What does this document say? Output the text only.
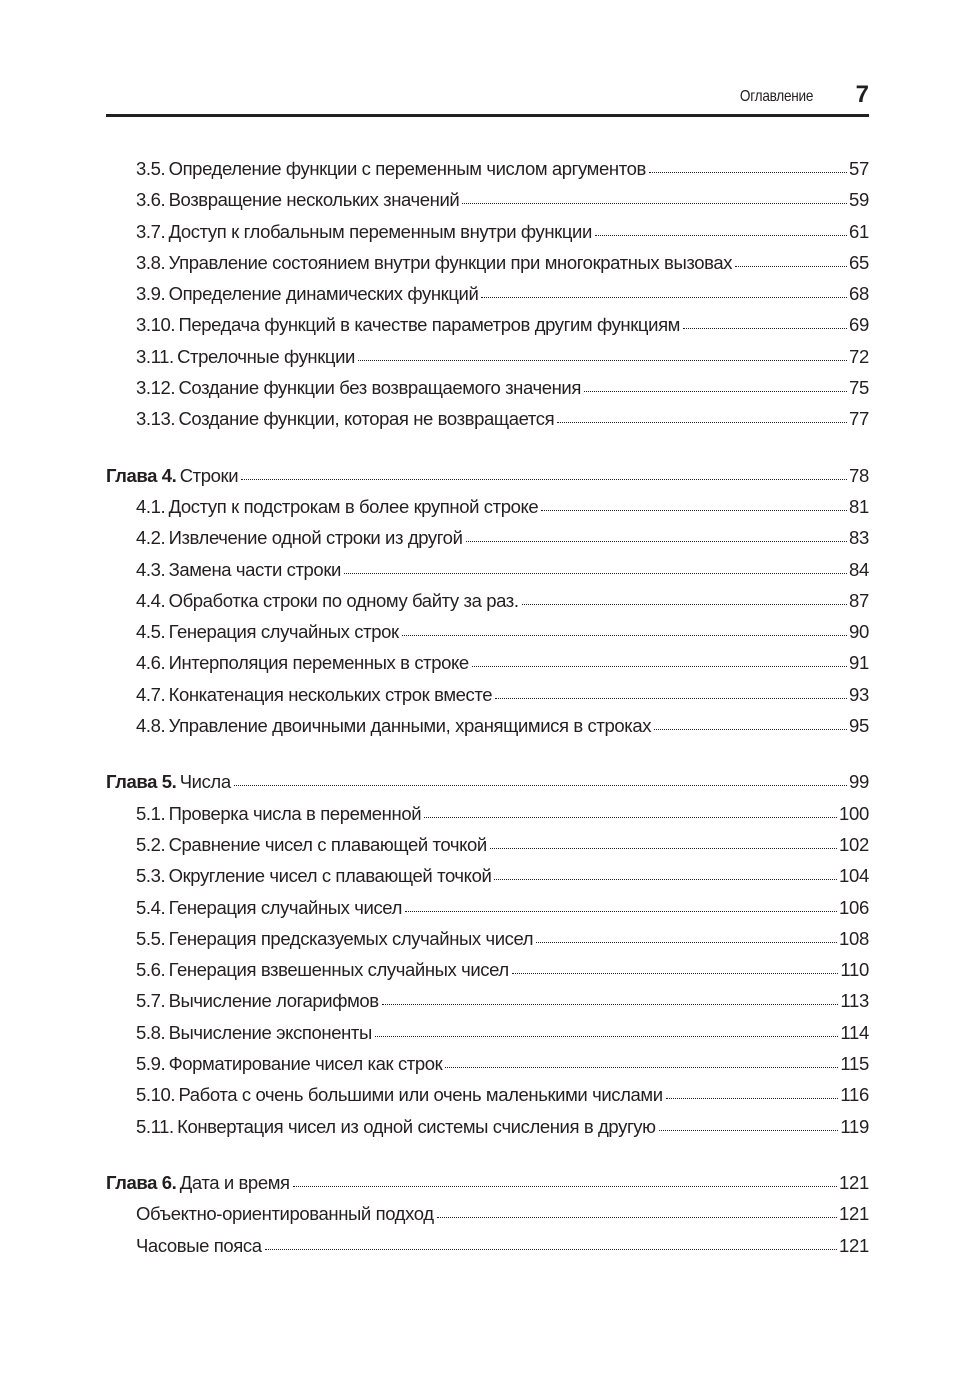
Оглавление 7
3.5.  Определение функции с переменным числом аргументов	57
3.6.  Возвращение нескольких значений	59
3.7.  Доступ к глобальным переменным внутри функции	61
3.8.  Управление состоянием внутри функции при многократных вызовах	65
3.9.  Определение динамических функций	68
3.10.  Передача функций в качестве параметров другим функциям	69
3.11.  Стрелочные функции	72
3.12.  Создание функции без возвращаемого значения	75
3.13.  Создание функции, которая не возвращается	77
Глава 4.  Строки	78
4.1.  Доступ к подстрокам в более крупной строке	81
4.2.  Извлечение одной строки из другой	83
4.3.  Замена части строки	84
4.4.  Обработка строки по одному байту за раз.	87
4.5.  Генерация случайных строк	90
4.6.  Интерполяция переменных в строке	91
4.7.  Конкатенация нескольких строк вместе	93
4.8.  Управление двоичными данными, хранящимися в строках	95
Глава 5.  Числа	99
5.1.  Проверка числа в переменной	100
5.2.  Сравнение чисел с плавающей точкой	102
5.3.  Округление чисел с плавающей точкой	104
5.4.  Генерация случайных чисел	106
5.5.  Генерация предсказуемых случайных чисел	108
5.6.  Генерация взвешенных случайных чисел	110
5.7.  Вычисление логарифмов	113
5.8.  Вычисление экспоненты	114
5.9.  Форматирование чисел как строк	115
5.10.  Работа с очень большими или очень маленькими числами	116
5.11.  Конвертация чисел из одной системы счисления в другую	119
Глава 6.  Дата и время	121
Объектно-ориентированный подход	121
Часовые пояса	121
